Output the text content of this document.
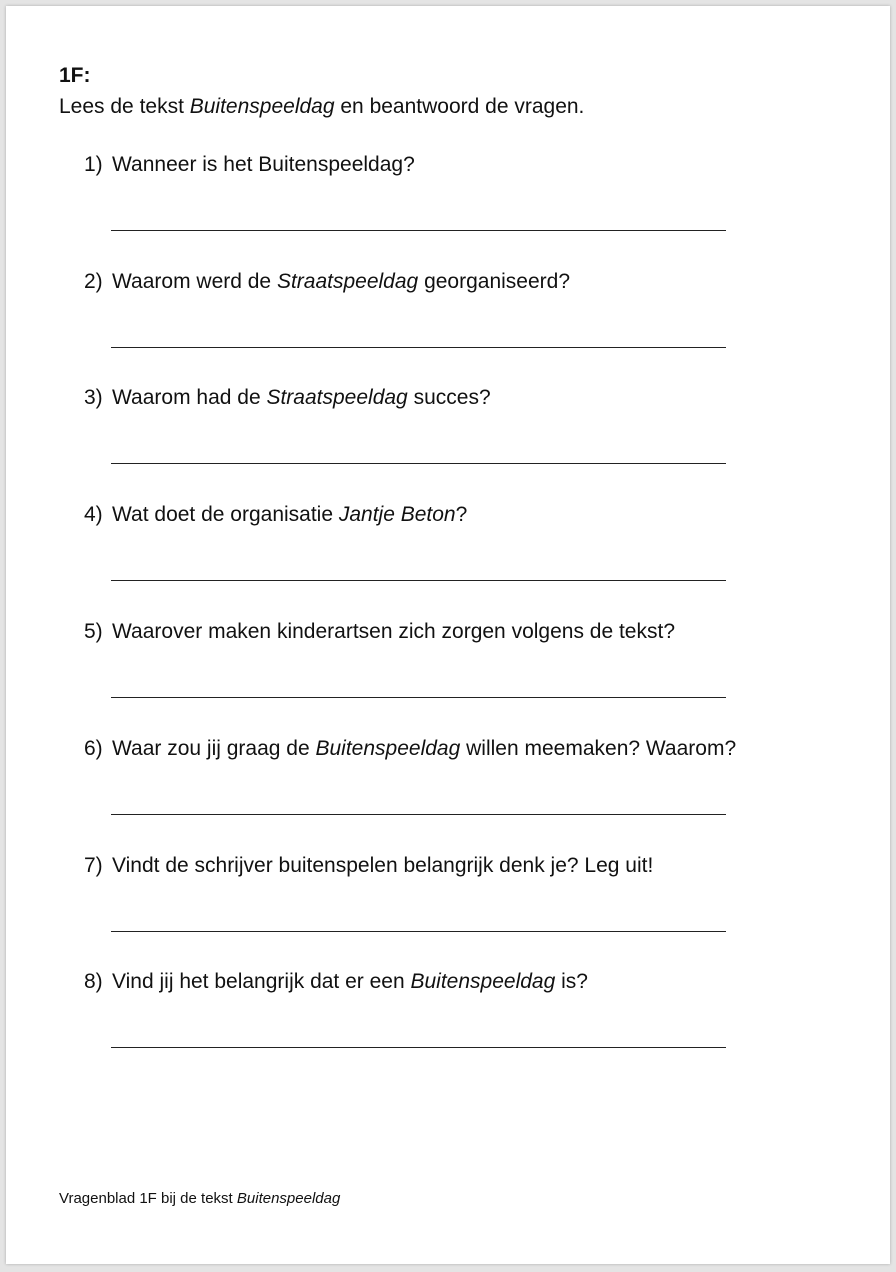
1F:
Lees de tekst Buitenspeeldag en beantwoord de vragen.
1) Wanneer is het Buitenspeeldag?
2) Waarom werd de Straatspeeldag georganiseerd?
3) Waarom had de Straatspeeldag succes?
4) Wat doet de organisatie Jantje Beton?
5) Waarover maken kinderartsen zich zorgen volgens de tekst?
6) Waar zou jij graag de Buitenspeeldag willen meemaken? Waarom?
7) Vindt de schrijver buitenspelen belangrijk denk je? Leg uit!
8) Vind jij het belangrijk dat er een Buitenspeeldag is?
Vragenblad 1F bij de tekst Buitenspeeldag
